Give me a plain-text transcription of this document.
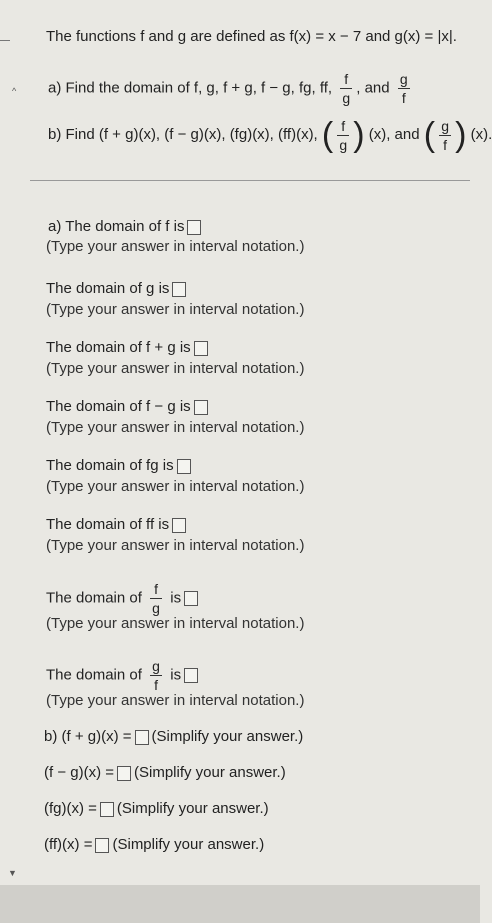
^
The functions f and g are defined as f(x) = x − 7 and g(x) = |x|.
a) Find the domain of f, g, f + g, f − g, fg, ff, $\frac{f}{g}$ , and $\frac{g}{f}$
b) Find (f + g)(x), (f − g)(x), (fg)(x), (ff)(x), ( $\frac{f}{g}$ ) (x), and ( $\frac{g}{f}$ ) (x).
a) The domain of f is
(Type your answer in interval notation.)
The domain of g is
(Type your answer in interval notation.)
The domain of f + g is
(Type your answer in interval notation.)
The domain of f − g is
(Type your answer in interval notation.)
The domain of fg is
(Type your answer in interval notation.)
The domain of ff is
(Type your answer in interval notation.)
The domain of $\frac{f}{g}$ is
(Type your answer in interval notation.)
The domain of $\frac{g}{f}$ is
(Type your answer in interval notation.)
b) (f + g)(x) = (Simplify your answer.)
(f − g)(x) = (Simplify your answer.)
(fg)(x) = (Simplify your answer.)
(ff)(x) = (Simplify your answer.)
▼
